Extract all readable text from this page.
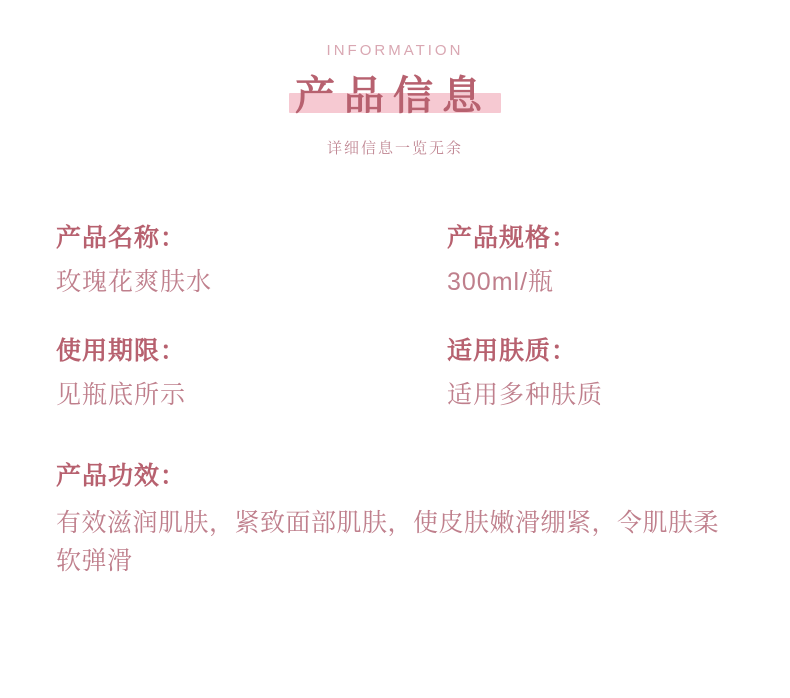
INFORMATION
产品信息
详细信息一览无余
产品名称：
玫瑰花爽肤水
产品规格：
300ml/瓶
使用期限：
见瓶底所示
适用肤质：
适用多种肤质
产品功效：
有效滋润肌肤，紧致面部肌肤，使皮肤嫩滑绷紧，令肌肤柔软弹滑
